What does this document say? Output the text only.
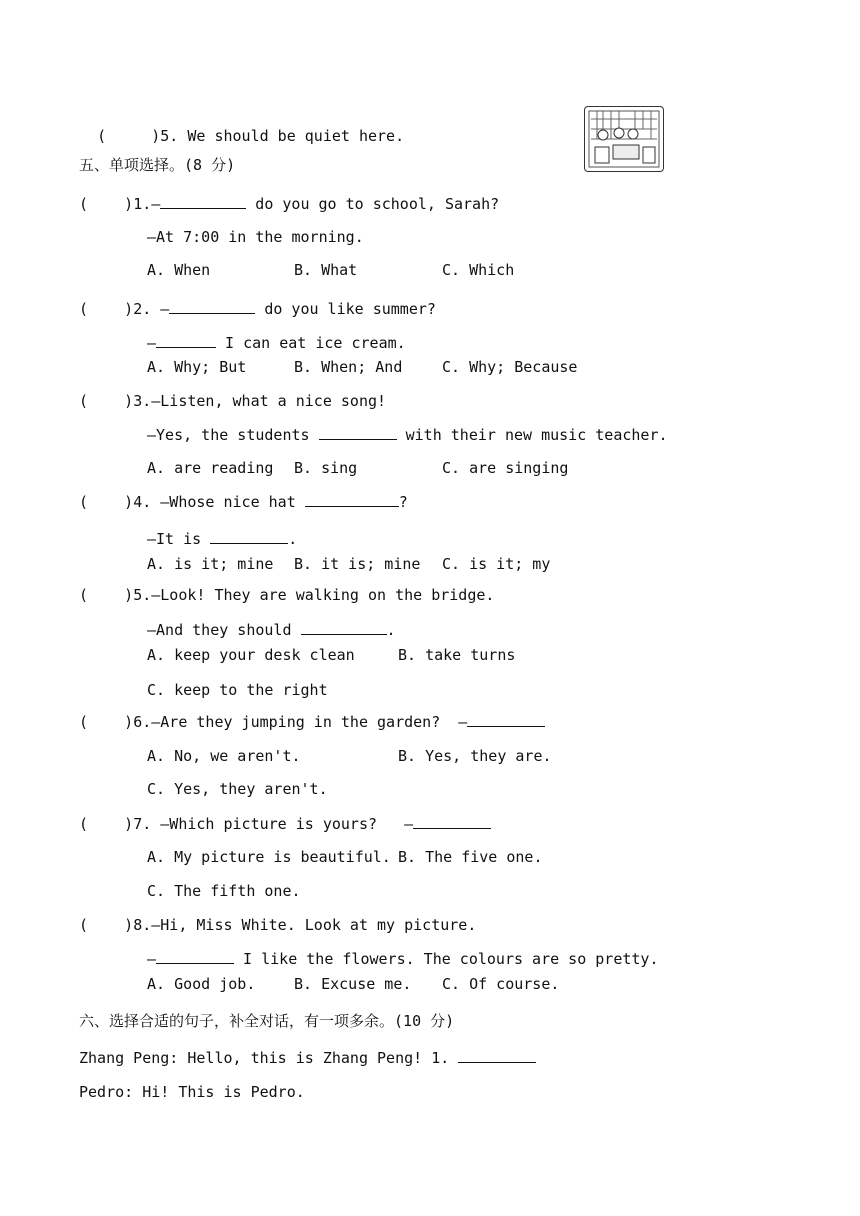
(	)5. We should be quiet here.

五、单项选择。(8 分)
(    )1.—	do you go to school, Sarah?
—At 7:00 in the morning.
A. When	B. What	C. Which
(    )2. —	do you like summer?
—	I can eat ice cream.
A. Why; But	B. When; And	C. Why; Because
(    )3.—Listen, what a nice song!
—Yes, the students	with their new music teacher.
A. are reading B. sing	C. are singing
(    )4. —Whose nice hat	?
—It is	.
A. is it; mine B. it is; mine C. is it; my
(    )5.—Look! They are walking on the bridge.
—And they should	.
A. keep your desk clean	B. take turns
C. keep to the right
(    )6.—Are they jumping in the garden?  —
A. No, we aren't.	B. Yes, they are.
C. Yes, they aren't.
(    )7. —Which picture is yours?   —
A. My picture is beautiful. B. The five one.
C. The fifth one.
(    )8.—Hi, Miss White. Look at my picture.
—	I like the flowers. The colours are so pretty.
A. Good job.	B. Excuse me. C. Of course.
六、选择合适的句子，补全对话，有一项多余。(10 分)
Zhang Peng: Hello, this is Zhang Peng! 1.
Pedro: Hi! This is Pedro.
